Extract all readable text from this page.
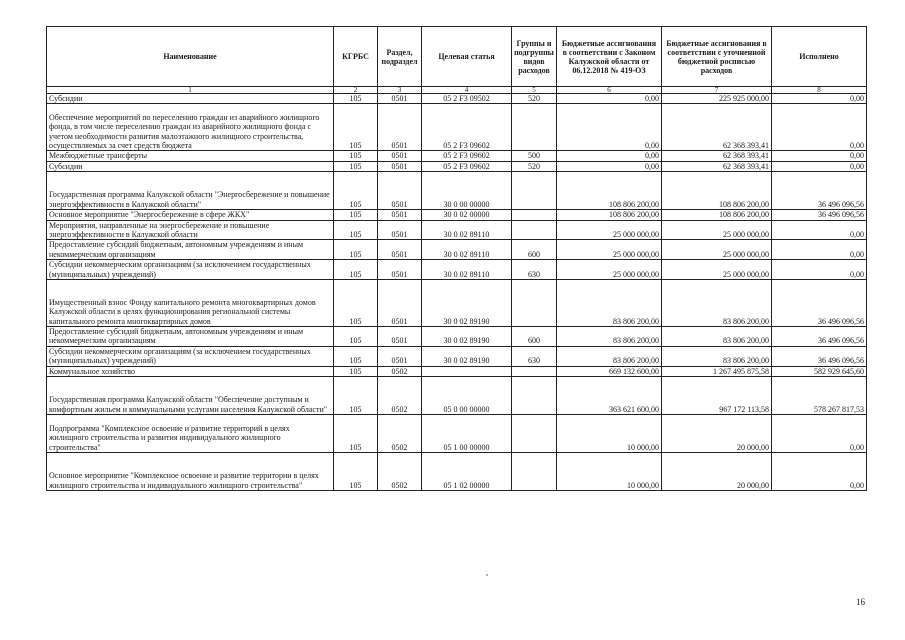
Наименование	КГРБС	Раздел, подраздел	Целевая статья	Группы и подгруппы видов расходов	Бюджетные ассигнования в соответствии с Законом Калужской области от 06.12.2018 № 419-ОЗ	Бюджетные ассигнования в соответствии с уточненной бюджетной росписью расходов	Исполнено
1	2	3	4	5	6	7	8
Субсидии	105	0501	05 2 F3 09502	520	0,00	225 925 000,00	0,00
Обеспечение мероприятий по переселению граждан из аварийного жилищного фонда, в том числе переселению граждан из аварийного жилищного фонда с учетом необходимости развития малоэтажного жилищного строительства, осуществляемых за счет средств бюджета	105	0501	05 2 F3 09602		0,00	62 368 393,41	0,00
Межбюджетные трансферты	105	0501	05 2 F3 09602	500	0,00	62 368 393,41	0,00
Субсидии	105	0501	05 2 F3 09602	520	0,00	62 368 393,41	0,00
Государственная программа Калужской области "Энергосбережение и повышение энергоэффективности в Калужской области"	105	0501	30 0 00 00000		108 806 200,00	108 806 200,00	36 496 096,56
Основное мероприятие "Энергосбережение в сфере ЖКХ"	105	0501	30 0 02 00000		108 806 200,00	108 806 200,00	36 496 096,56
Мероприятия, направленные на энергосбережение и повышение энергоэффективности в Калужской области	105	0501	30 0 02 89110		25 000 000,00	25 000 000,00	0,00
Предоставление субсидий бюджетным, автономным учреждениям и иным некоммерческим организациям	105	0501	30 0 02 89110	600	25 000 000,00	25 000 000,00	0,00
Субсидии некоммерческим организациям (за исключением государственных (муниципальных) учреждений)	105	0501	30 0 02 89110	630	25 000 000,00	25 000 000,00	0,00
Имущественный взнос Фонду капитального ремонта многоквартирных домов Калужской области в целях функционирования региональной системы капитального ремонта многоквартирных домов	105	0501	30 0 02 89190		83 806 200,00	83 806 200,00	36 496 096,56
Предоставление субсидий бюджетным, автономным учреждениям и иным некоммерческим организациям	105	0501	30 0 02 89190	600	83 806 200,00	83 806 200,00	36 496 096,56
Субсидии некоммерческим организациям (за исключением государственных (муниципальных) учреждений)	105	0501	30 0 02 89190	630	83 806 200,00	83 806 200,00	36 496 096,56
Коммунальное хозяйство	105	0502			669 132 600,00	1 267 495 875,58	582 929 645,60
Государственная программа Калужской области "Обеспечение доступным и комфортным жильем и коммунальными услугами населения Калужской области"	105	0502	05 0 00 00000		363 621 600,00	967 172 113,58	578 267 817,53
Подпрограмма "Комплексное освоение и развитие территорий в целях жилищного строительства и развития индивидуального жилищного строительства"	105	0502	05 1 00 00000		10 000,00	20 000,00	0,00
Основное мероприятие "Комплексное освоение и развитие территории в целях жилищного строительства и индивидуального жилищного строительства"	105	0502	05 1 02 00000		10 000,00	20 000,00	0,00
16
